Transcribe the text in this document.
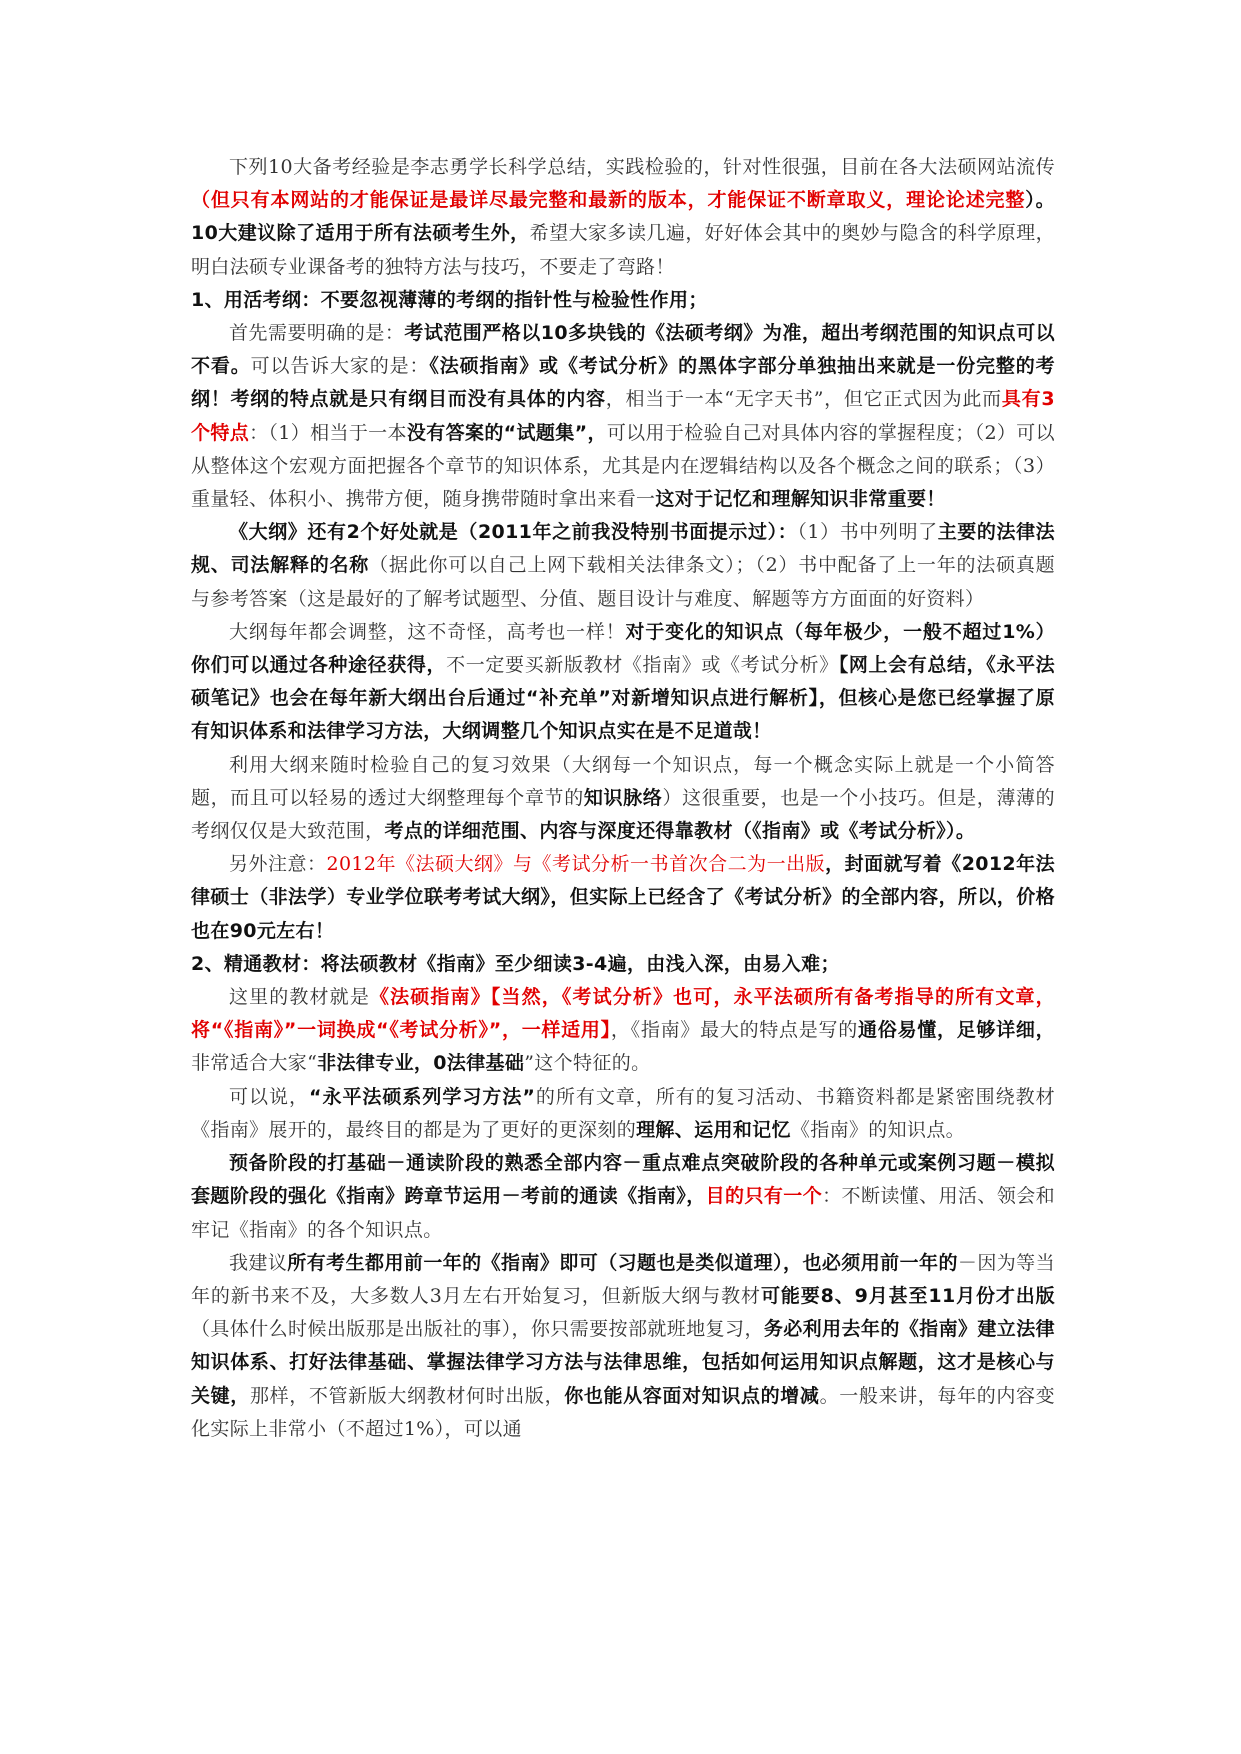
下列10大备考经验是李志勇学长科学总结，实践检验的，针对性很强，目前在各大法硕网站流传（但只有本网站的才能保证是最详尽最完整和最新的版本，才能保证不断章取义，理论论述完整）。10大建议除了适用于所有法硕考生外，希望大家多读几遍，好好体会其中的奥妙与隐含的科学原理，明白法硕专业课备考的独特方法与技巧，不要走了弯路！

1、用活考纲：不要忽视薄薄的考纲的指针性与检验性作用；

首先需要明确的是：考试范围严格以10多块钱的《法硕考纲》为准，超出考纲范围的知识点可以不看。可以告诉大家的是：《法硕指南》或《考试分析》的黑体字部分单独抽出来就是一份完整的考纲！考纲的特点就是只有纲目而没有具体的内容，相当于一本“无字天书”，但它正式因为此而具有3个特点：（1）相当于一本没有答案的“试题集”，可以用于检验自己对具体内容的掌握程度；（2）可以从整体这个宏观方面把握各个章节的知识体系，尤其是内在逻辑结构以及各个概念之间的联系；（3）重量轻、体积小、携带方便，随身携带随时拿出来看一这对于记忆和理解知识非常重要！

《大纲》还有2个好处就是（2011年之前我没特别书面提示过）：（1）书中列明了主要的法律法规、司法解释的名称（据此你可以自己上网下载相关法律条文）；（2）书中配备了上一年的法硕真题与参考答案（这是最好的了解考试题型、分值、题目设计与难度、解题等方方面面的好资料）

大纲每年都会调整，这不奇怪，高考也一样！对于变化的知识点（每年极少，一般不超过1%）你们可以通过各种途径获得，不一定要买新版教材《指南》或《考试分析》【网上会有总结，《永平法硕笔记》也会在每年新大纲出台后通过“补充单”对新增知识点进行解析】，但核心是您已经掌握了原有知识体系和法律学习方法，大纲调整几个知识点实在是不足道哉！

利用大纲来随时检验自己的复习效果（大纲每一个知识点，每一个概念实际上就是一个小简答题，而且可以轻易的透过大纲整理每个章节的知识脉络）这很重要，也是一个小技巧。但是，薄薄的考纲仅仅是大致范围，考点的详细范围、内容与深度还得靠教材（《指南》或《考试分析》）。

另外注意：2012年《法硕大纲》与《考试分析一书首次合二为一出版，封面就写着《2012年法律硕士（非法学）专业学位联考考试大纲》，但实际上已经含了《考试分析》的全部内容，所以，价格也在90元左右！

2、精通教材：将法硕教材《指南》至少细读3-4遍，由浅入深，由易入难；

这里的教材就是《法硕指南》【当然，《考试分析》也可，永平法硕所有备考指导的所有文章，将“《指南》”一词换成“《考试分析》”，一样适用】，《指南》最大的特点是写的通俗易懂，足够详细，非常适合大家“非法律专业，0法律基础”这个特征的。

可以说，“永平法硕系列学习方法”的所有文章，所有的复习活动、书籍资料都是紧密围绕教材《指南》展开的，最终目的都是为了更好的更深刻的理解、运用和记忆《指南》的知识点。

预备阶段的打基础－通读阶段的熟悉全部内容－重点难点突破阶段的各种单元或案例习题－模拟套题阶段的强化《指南》跨章节运用－考前的通读《指南》，目的只有一个：不断读懂、用活、领会和牢记《指南》的各个知识点。

我建议所有考生都用前一年的《指南》即可（习题也是类似道理），也必须用前一年的－因为等当年的新书来不及，大多数人3月左右开始复习，但新版大纲与教材可能要8、9月甚至11月份才出版（具体什么时候出版那是出版社的事），你只需要按部就班地复习，务必利用去年的《指南》建立法律知识体系、打好法律基础、掌握法律学习方法与法律思维，包括如何运用知识点解题，这才是核心与关键，那样，不管新版大纲教材何时出版，你也能从容面对知识点的增减。一般来讲，每年的内容变化实际上非常小（不超过1%），可以通
